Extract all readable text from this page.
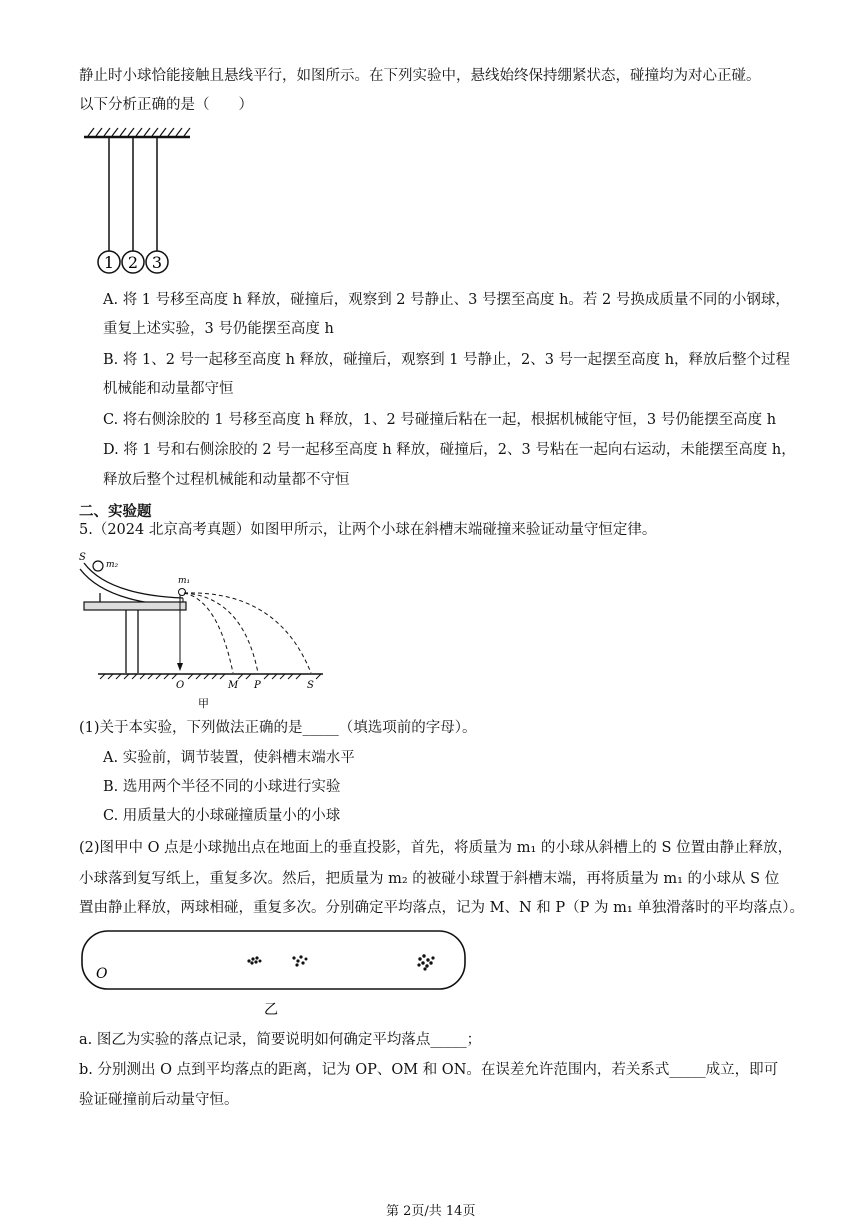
静止时小球恰能接触且悬线平行，如图所示。在下列实验中，悬线始终保持绷紧状态，碰撞均为对心正碰。
以下分析正确的是（　　）
1 2 3
A. 将 1 号移至高度 h 释放，碰撞后，观察到 2 号静止、3 号摆至高度 h。若 2 号换成质量不同的小钢球，
重复上述实验，3 号仍能摆至高度 h
B. 将 1、2 号一起移至高度 h 释放，碰撞后，观察到 1 号静止，2、3 号一起摆至高度 h，释放后整个过程
机械能和动量都守恒
C. 将右侧涂胶的 1 号移至高度 h 释放，1、2 号碰撞后粘在一起，根据机械能守恒，3 号仍能摆至高度 h
D. 将 1 号和右侧涂胶的 2 号一起移至高度 h 释放，碰撞后，2、3 号粘在一起向右运动，未能摆至高度 h，
释放后整个过程机械能和动量都不守恒
二、实验题
5.（2024 北京高考真题）如图甲所示，让两个小球在斜槽末端碰撞来验证动量守恒定律。
S
m₂
m₁
O	M P	S
甲
(1)关于本实验，下列做法正确的是_____（填选项前的字母）。
A. 实验前，调节装置，使斜槽末端水平
B. 选用两个半径不同的小球进行实验
C. 用质量大的小球碰撞质量小的小球
(2)图甲中 O 点是小球抛出点在地面上的垂直投影，首先，将质量为 m₁ 的小球从斜槽上的 S 位置由静止释放，
小球落到复写纸上，重复多次。然后，把质量为 m₂ 的被碰小球置于斜槽末端，再将质量为 m₁ 的小球从 S 位
置由静止释放，两球相碰，重复多次。分别确定平均落点，记为 M、N 和 P（P 为 m₁ 单独滑落时的平均落点）。
O
乙
a. 图乙为实验的落点记录，简要说明如何确定平均落点_____；
b. 分别测出 O 点到平均落点的距离，记为 OP、OM 和 ON。在误差允许范围内，若关系式_____成立，即可
验证碰撞前后动量守恒。
第 2页/共 14页
